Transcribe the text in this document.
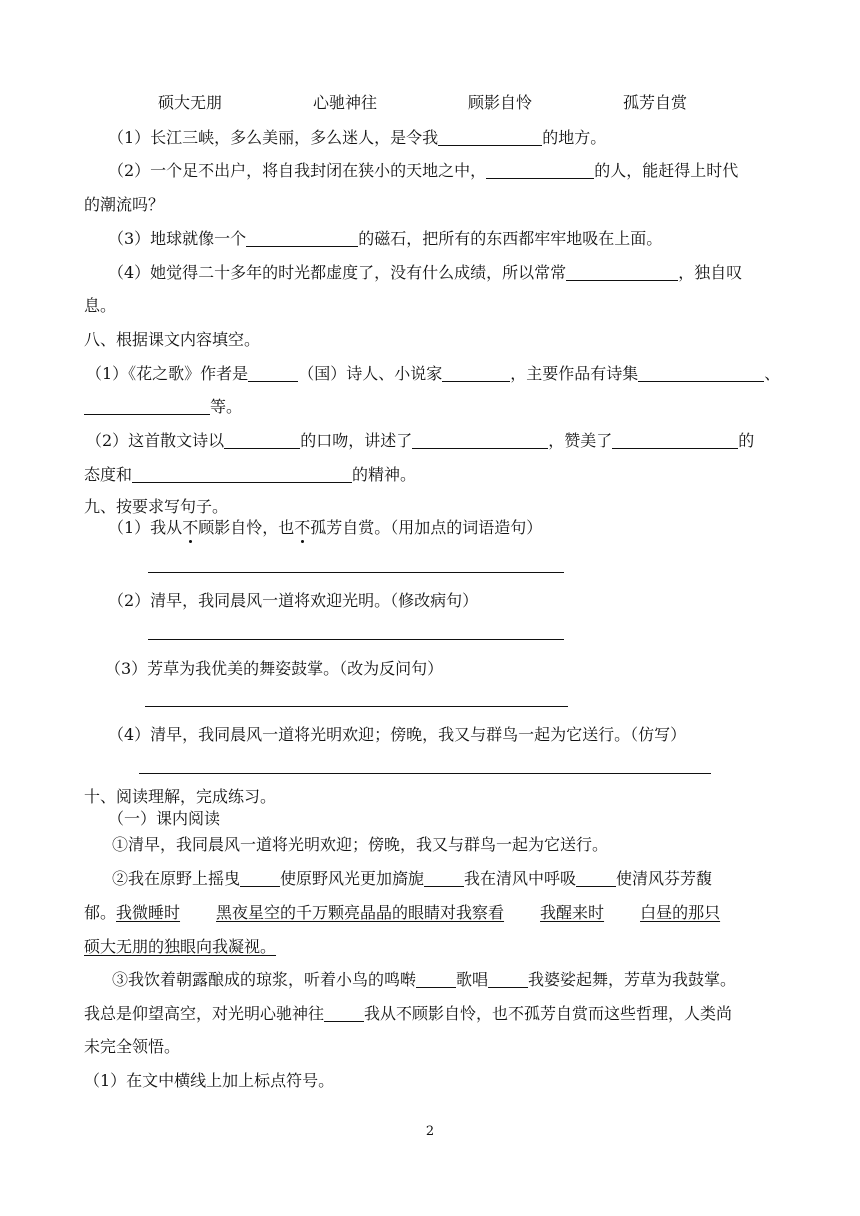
硕大无朋	心驰神往	顾影自怜	孤芳自赏
（1）长江三峡，多么美丽，多么迷人，是令我	的地方。
（2）一个足不出户，将自我封闭在狭小的天地之中，	的人，能赶得上时代
的潮流吗？
（3）地球就像一个	的磁石，把所有的东西都牢牢地吸在上面。
（4）她觉得二十多年的时光都虚度了，没有什么成绩，所以常常	，独自叹
息。
八、根据课文内容填空。
（1）《花之歌》作者是	（国）诗人、小说家	，主要作品有诗集	、
等。
（2）这首散文诗以	的口吻，讲述了	，赞美了	的
态度和	的精神。
九、按要求写句子。
（1）我从不顾影自怜，也不孤芳自赏。（用加点的词语造句）
（2）清早，我同晨风一道将欢迎光明。（修改病句）
（3）芳草为我优美的舞姿鼓掌。（改为反问句）
（4）清早，我同晨风一道将光明欢迎；傍晚，我又与群鸟一起为它送行。（仿写）
十、阅读理解，完成练习。
（一）课内阅读
①清早，我同晨风一道将光明欢迎；傍晚，我又与群鸟一起为它送行。
②我在原野上摇曳	使原野风光更加旖旎	我在清风中呼吸	使清风芬芳馥
郁。我微睡时 黑夜星空的千万颗亮晶晶的眼睛对我察看 我醒来时 白昼的那只
硕大无朋的独眼向我凝视。
③我饮着朝露酿成的琼浆，听着小鸟的鸣啭	歌唱	我婆娑起舞，芳草为我鼓掌。
我总是仰望高空，对光明心驰神往	我从不顾影自怜，也不孤芳自赏而这些哲理，人类尚
未完全领悟。
（1）在文中横线上加上标点符号。
2
